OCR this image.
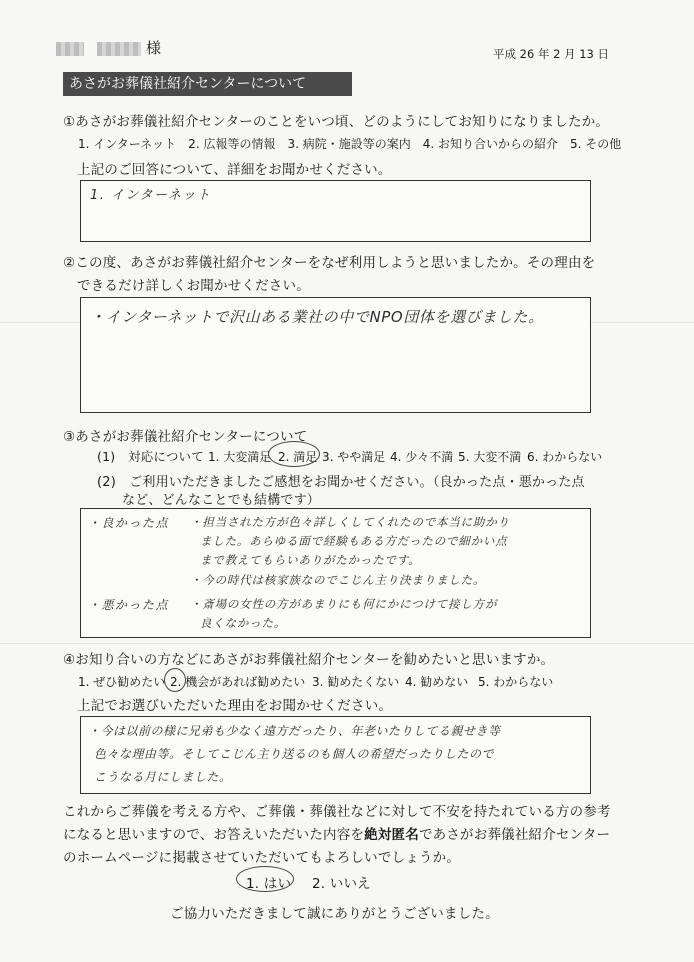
様	平成 26 年 2 月 13 日
あさがお葬儀社紹介センターについて
①あさがお葬儀社紹介センターのことをいつ頃、どのようにしてお知りになりましたか。
1. インターネット　2. 広報等の情報　3. 病院・施設等の案内　4. お知り合いからの紹介　5. その他
上記のご回答について、詳細をお聞かせください。
1. インターネット
②この度、あさがお葬儀社紹介センターをなぜ利用しようと思いましたか。その理由を
できるだけ詳しくお聞かせください。
・インターネットで沢山ある業社の中でNPO団体を選びました。
③あさがお葬儀社紹介センターについて
(1)　対応について 1. 大変満足 2. 満足 3. やや満足 4. 少々不満 5. 大変不満 6. わからない
(2)　ご利用いただきましたご感想をお聞かせください。（良かった点・悪かった点
など、どんなことでも結構です）
・良かった点 ・担当された方が色々詳しくしてくれたので本当に助かり
ました。あらゆる面で経験もある方だったので細かい点
まで教えてもらいありがたかったです。
・今の時代は核家族なのでこじん主り決まりました。
・悪かった点 ・斎場の女性の方があまりにも何にかにつけて接し方が
良くなかった。
④お知り合いの方などにあさがお葬儀社紹介センターを勧めたいと思いますか。
1. ぜひ勧めたい 2. 機会があれば勧めたい 3. 勧めたくない 4. 勧めない 5. わからない
上記でお選びいただいた理由をお聞かせください。
・今は以前の様に兄弟も少なく遠方だったり、年老いたりしてる親せき等
色々な理由等。そしてこじん主り送るのも個人の希望だったりしたので
こうなる月にしました。
これからご葬儀を考える方や、ご葬儀・葬儀社などに対して不安を持たれている方の参考
になると思いますので、お答えいただいた内容を絶対匿名であさがお葬儀社紹介センター
のホームページに掲載させていただいてもよろしいでしょうか。
1. はい 2. いいえ
ご協力いただきまして誠にありがとうございました。
